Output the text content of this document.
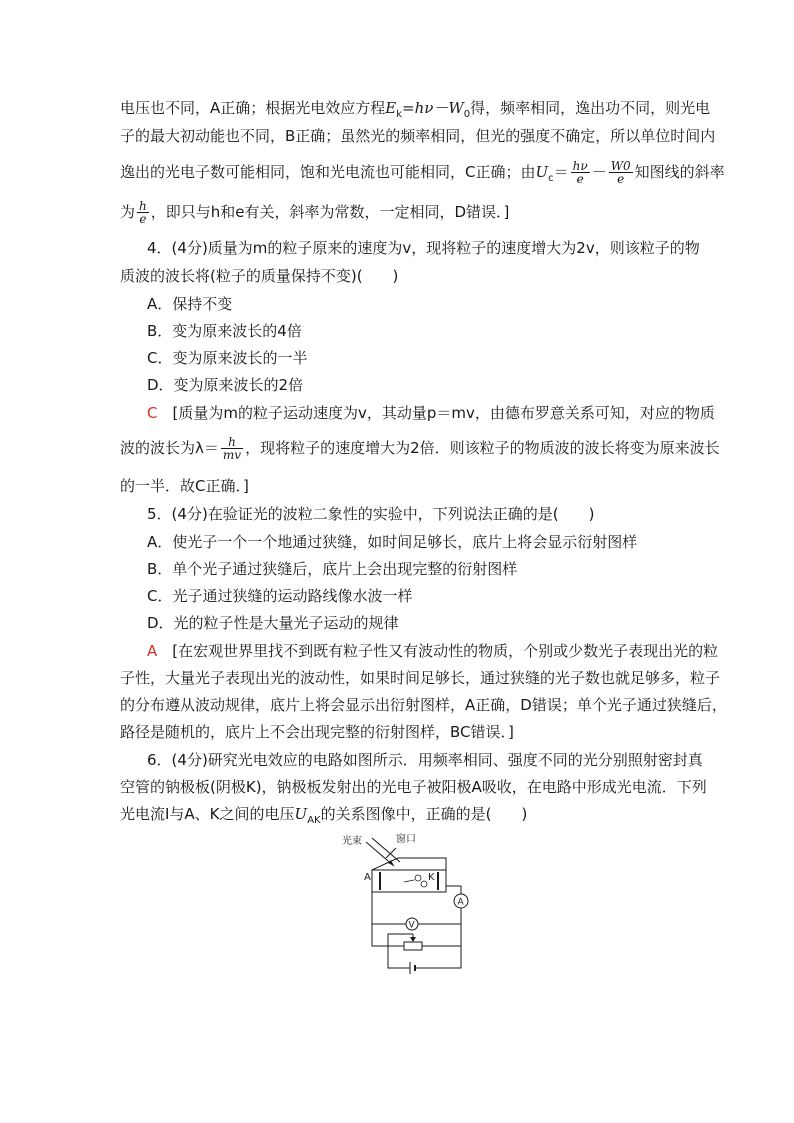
电压也不同，A正确；根据光电效应方程$E_k=h\nu-W_0$得，频率相同，逸出功不同，则光电
子的最大初动能也不同，B正确；虽然光的频率相同，但光的强度不确定，所以单位时间内
逸出的光电子数可能相同，饱和光电流也可能相同，C正确；由$U_c= \frac{h\nu}{e} - \frac{W0}{e}$ 知图线的斜率
为 $\frac{h}{e}$ ，即只与h和e有关，斜率为常数，一定相同，D错误．]
4．(4分)质量为m的粒子原来的速度为v，现将粒子的速度增大为2v，则该粒子的物
质波的波长将(粒子的质量保持不变)(　　)
A．保持不变
B．变为原来波长的4倍
C．变为原来波长的一半
D．变为原来波长的2倍
C　 [质量为m的粒子运动速度为v，其动量p＝mv，由德布罗意关系可知，对应的物质
波的波长为$\lambda= \frac{h}{mv}$ ，现将粒子的速度增大为2倍．则该粒子的物质波的波长将变为原来波长
的一半．故C正确．]
5．(4分)在验证光的波粒二象性的实验中，下列说法正确的是(　　)
A．使光子一个一个地通过狭缝，如时间足够长，底片上将会显示衍射图样
B．单个光子通过狭缝后，底片上会出现完整的衍射图样
C．光子通过狭缝的运动路线像水波一样
D．光的粒子性是大量光子运动的规律
A　 [在宏观世界里找不到既有粒子性又有波动性的物质，个别或少数光子表现出光的粒
子性，大量光子表现出光的波动性，如果时间足够长，通过狭缝的光子数也就足够多，粒子
的分布遵从波动规律，底片上将会显示出衍射图样，A正确，D错误；单个光子通过狭缝后，
路径是随机的，底片上不会出现完整的衍射图样，BC错误．]
6．(4分)研究光电效应的电路如图所示．用频率相同、强度不同的光分别照射密封真
空管的钠极板(阴极K)，钠极板发射出的光电子被阳极A吸收，在电路中形成光电流．下列
光电流I与A、K之间的电压$U_{AK}$的关系图像中，正确的是(　　)
光束	窗口
A	K
V
A
